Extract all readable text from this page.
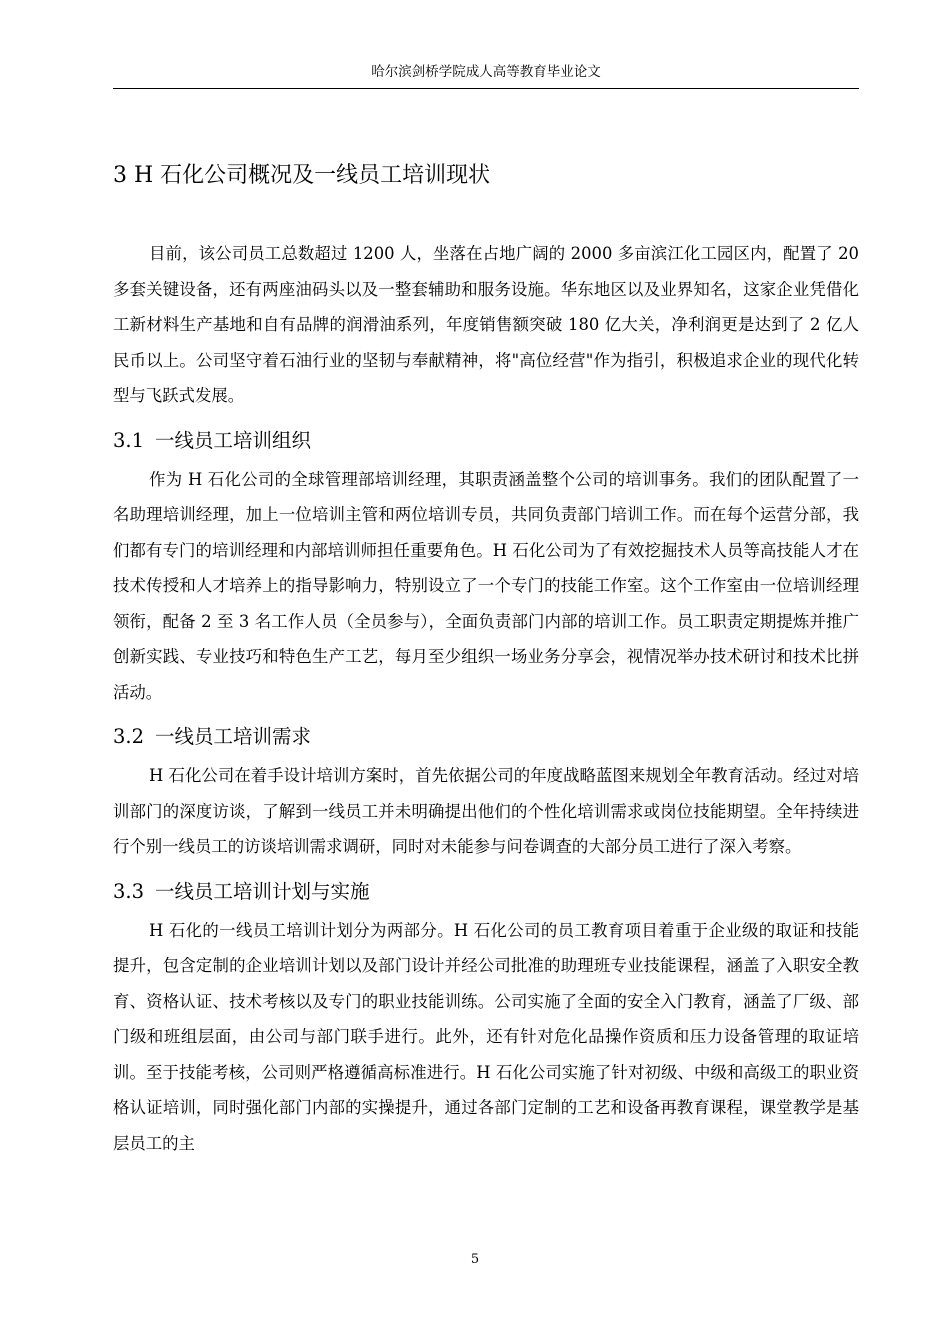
哈尔滨剑桥学院成人高等教育毕业论文
3 H 石化公司概况及一线员工培训现状

目前，该公司员工总数超过 1200 人，坐落在占地广阔的 2000 多亩滨江化工园区内，配置了 20 多套关键设备，还有两座油码头以及一整套辅助和服务设施。华东地区以及业界知名，这家企业凭借化工新材料生产基地和自有品牌的润滑油系列，年度销售额突破 180 亿大关，净利润更是达到了 2 亿人民币以上。公司坚守着石油行业的坚韧与奉献精神，将"高位经营"作为指引，积极追求企业的现代化转型与飞跃式发展。

3.1 一线员工培训组织

作为 H 石化公司的全球管理部培训经理，其职责涵盖整个公司的培训事务。我们的团队配置了一名助理培训经理，加上一位培训主管和两位培训专员，共同负责部门培训工作。而在每个运营分部，我们都有专门的培训经理和内部培训师担任重要角色。H 石化公司为了有效挖掘技术人员等高技能人才在技术传授和人才培养上的指导影响力，特别设立了一个专门的技能工作室。这个工作室由一位培训经理领衔，配备 2 至 3 名工作人员（全员参与），全面负责部门内部的培训工作。员工职责定期提炼并推广创新实践、专业技巧和特色生产工艺，每月至少组织一场业务分享会，视情况举办技术研讨和技术比拼活动。

3.2 一线员工培训需求

H 石化公司在着手设计培训方案时，首先依据公司的年度战略蓝图来规划全年教育活动。经过对培训部门的深度访谈，了解到一线员工并未明确提出他们的个性化培训需求或岗位技能期望。全年持续进行个别一线员工的访谈培训需求调研，同时对未能参与问卷调查的大部分员工进行了深入考察。

3.3 一线员工培训计划与实施

H 石化的一线员工培训计划分为两部分。H 石化公司的员工教育项目着重于企业级的取证和技能提升，包含定制的企业培训计划以及部门设计并经公司批准的助理班专业技能课程，涵盖了入职安全教育、资格认证、技术考核以及专门的职业技能训练。公司实施了全面的安全入门教育，涵盖了厂级、部门级和班组层面，由公司与部门联手进行。此外，还有针对危化品操作资质和压力设备管理的取证培训。至于技能考核，公司则严格遵循高标准进行。H 石化公司实施了针对初级、中级和高级工的职业资格认证培训，同时强化部门内部的实操提升，通过各部门定制的工艺和设备再教育课程，课堂教学是基层员工的主

5
